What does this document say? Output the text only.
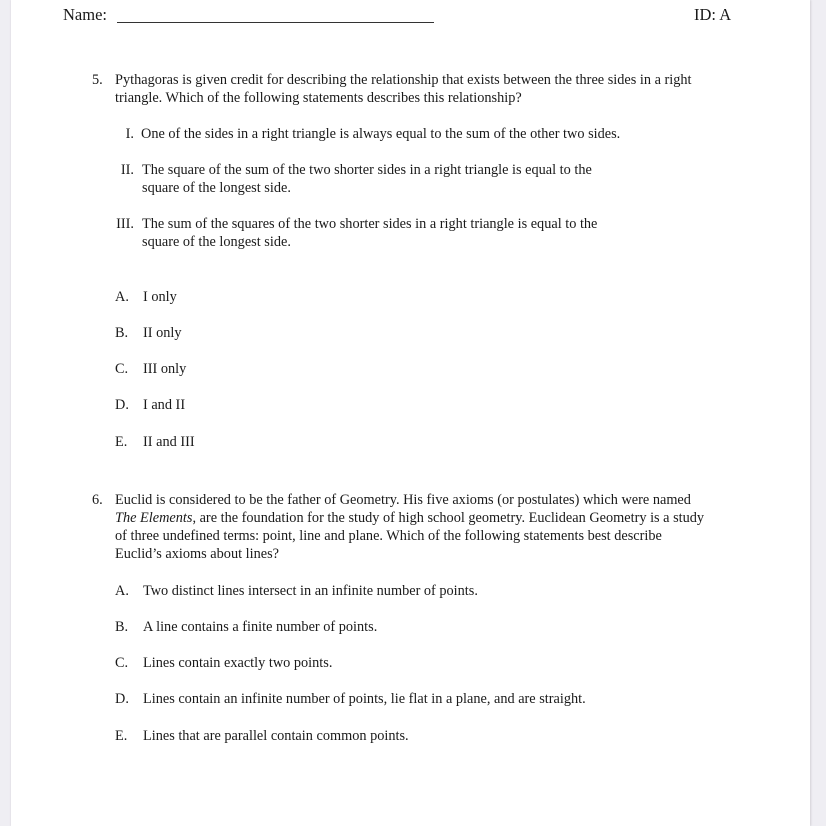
Name:	ID: A
5. Pythagoras is given credit for describing the relationship that exists between the three sides in a right
triangle. Which of the following statements describes this relationship?
I. One of the sides in a right triangle is always equal to the sum of the other two sides.
II. The square of the sum of the two shorter sides in a right triangle is equal to the
square of the longest side.
III. The sum of the squares of the two shorter sides in a right triangle is equal to the
square of the longest side.
A. I only
B. II only
C. III only
D. I and II
E. II and III
6. Euclid is considered to be the father of Geometry. His five axioms (or postulates) which were named
The Elements, are the foundation for the study of high school geometry. Euclidean Geometry is a study
of three undefined terms: point, line and plane. Which of the following statements best describe
Euclid’s axioms about lines?
A. Two distinct lines intersect in an infinite number of points.
B. A line contains a finite number of points.
C. Lines contain exactly two points.
D. Lines contain an infinite number of points, lie flat in a plane, and are straight.
E. Lines that are parallel contain common points.
